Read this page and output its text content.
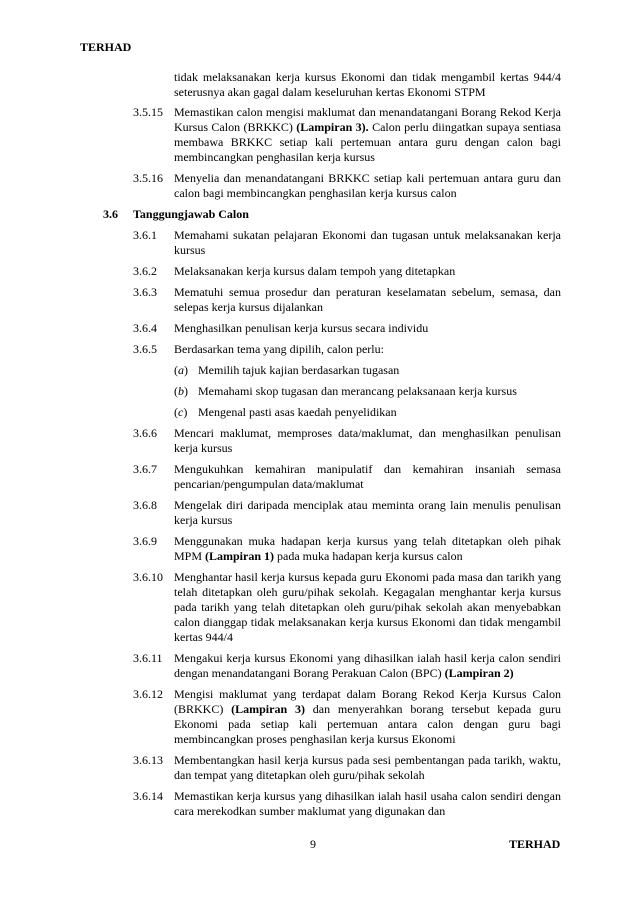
TERHAD

tidak melaksanakan kerja kursus Ekonomi dan tidak mengambil kertas 944/4 seterusnya akan gagal dalam keseluruhan kertas Ekonomi STPM

3.5.15 Memastikan calon mengisi maklumat dan menandatangani Borang Rekod Kerja Kursus Calon (BRKKC) (Lampiran 3). Calon perlu diingatkan supaya sentiasa membawa BRKKC setiap kali pertemuan antara guru dengan calon bagi membincangkan penghasilan kerja kursus
3.5.16 Menyelia dan menandatangani BRKKC setiap kali pertemuan antara guru dan calon bagi membincangkan penghasilan kerja kursus calon
3.6 Tanggungjawab Calon
3.6.1 Memahami sukatan pelajaran Ekonomi dan tugasan untuk melaksanakan kerja kursus
3.6.2 Melaksanakan kerja kursus dalam tempoh yang ditetapkan
3.6.3 Mematuhi semua prosedur dan peraturan keselamatan sebelum, semasa, dan selepas kerja kursus dijalankan
3.6.4 Menghasilkan penulisan kerja kursus secara individu
3.6.5 Berdasarkan tema yang dipilih, calon perlu:
(a) Memilih tajuk kajian berdasarkan tugasan
(b) Memahami skop tugasan dan merancang pelaksanaan kerja kursus
(c) Mengenal pasti asas kaedah penyelidikan
3.6.6 Mencari maklumat, memproses data/maklumat, dan menghasilkan penulisan kerja kursus
3.6.7 Mengukuhkan kemahiran manipulatif dan kemahiran insaniah semasa pencarian/pengumpulan data/maklumat
3.6.8 Mengelak diri daripada menciplak atau meminta orang lain menulis penulisan kerja kursus
3.6.9 Menggunakan muka hadapan kerja kursus yang telah ditetapkan oleh pihak MPM (Lampiran 1) pada muka hadapan kerja kursus calon
3.6.10 Menghantar hasil kerja kursus kepada guru Ekonomi pada masa dan tarikh yang telah ditetapkan oleh guru/pihak sekolah. Kegagalan menghantar kerja kursus pada tarikh yang telah ditetapkan oleh guru/pihak sekolah akan menyebabkan calon dianggap tidak melaksanakan kerja kursus Ekonomi dan tidak mengambil kertas 944/4
3.6.11 Mengakui kerja kursus Ekonomi yang dihasilkan ialah hasil kerja calon sendiri dengan menandatangani Borang Perakuan Calon (BPC) (Lampiran 2)
3.6.12 Mengisi maklumat yang terdapat dalam Borang Rekod Kerja Kursus Calon (BRKKC) (Lampiran 3) dan menyerahkan borang tersebut kepada guru Ekonomi pada setiap kali pertemuan antara calon dengan guru bagi membincangkan proses penghasilan kerja kursus Ekonomi
3.6.13 Membentangkan hasil kerja kursus pada sesi pembentangan pada tarikh, waktu, dan tempat yang ditetapkan oleh guru/pihak sekolah
3.6.14 Memastikan kerja kursus yang dihasilkan ialah hasil usaha calon sendiri dengan cara merekodkan sumber maklumat yang digunakan dan
9	TERHAD
